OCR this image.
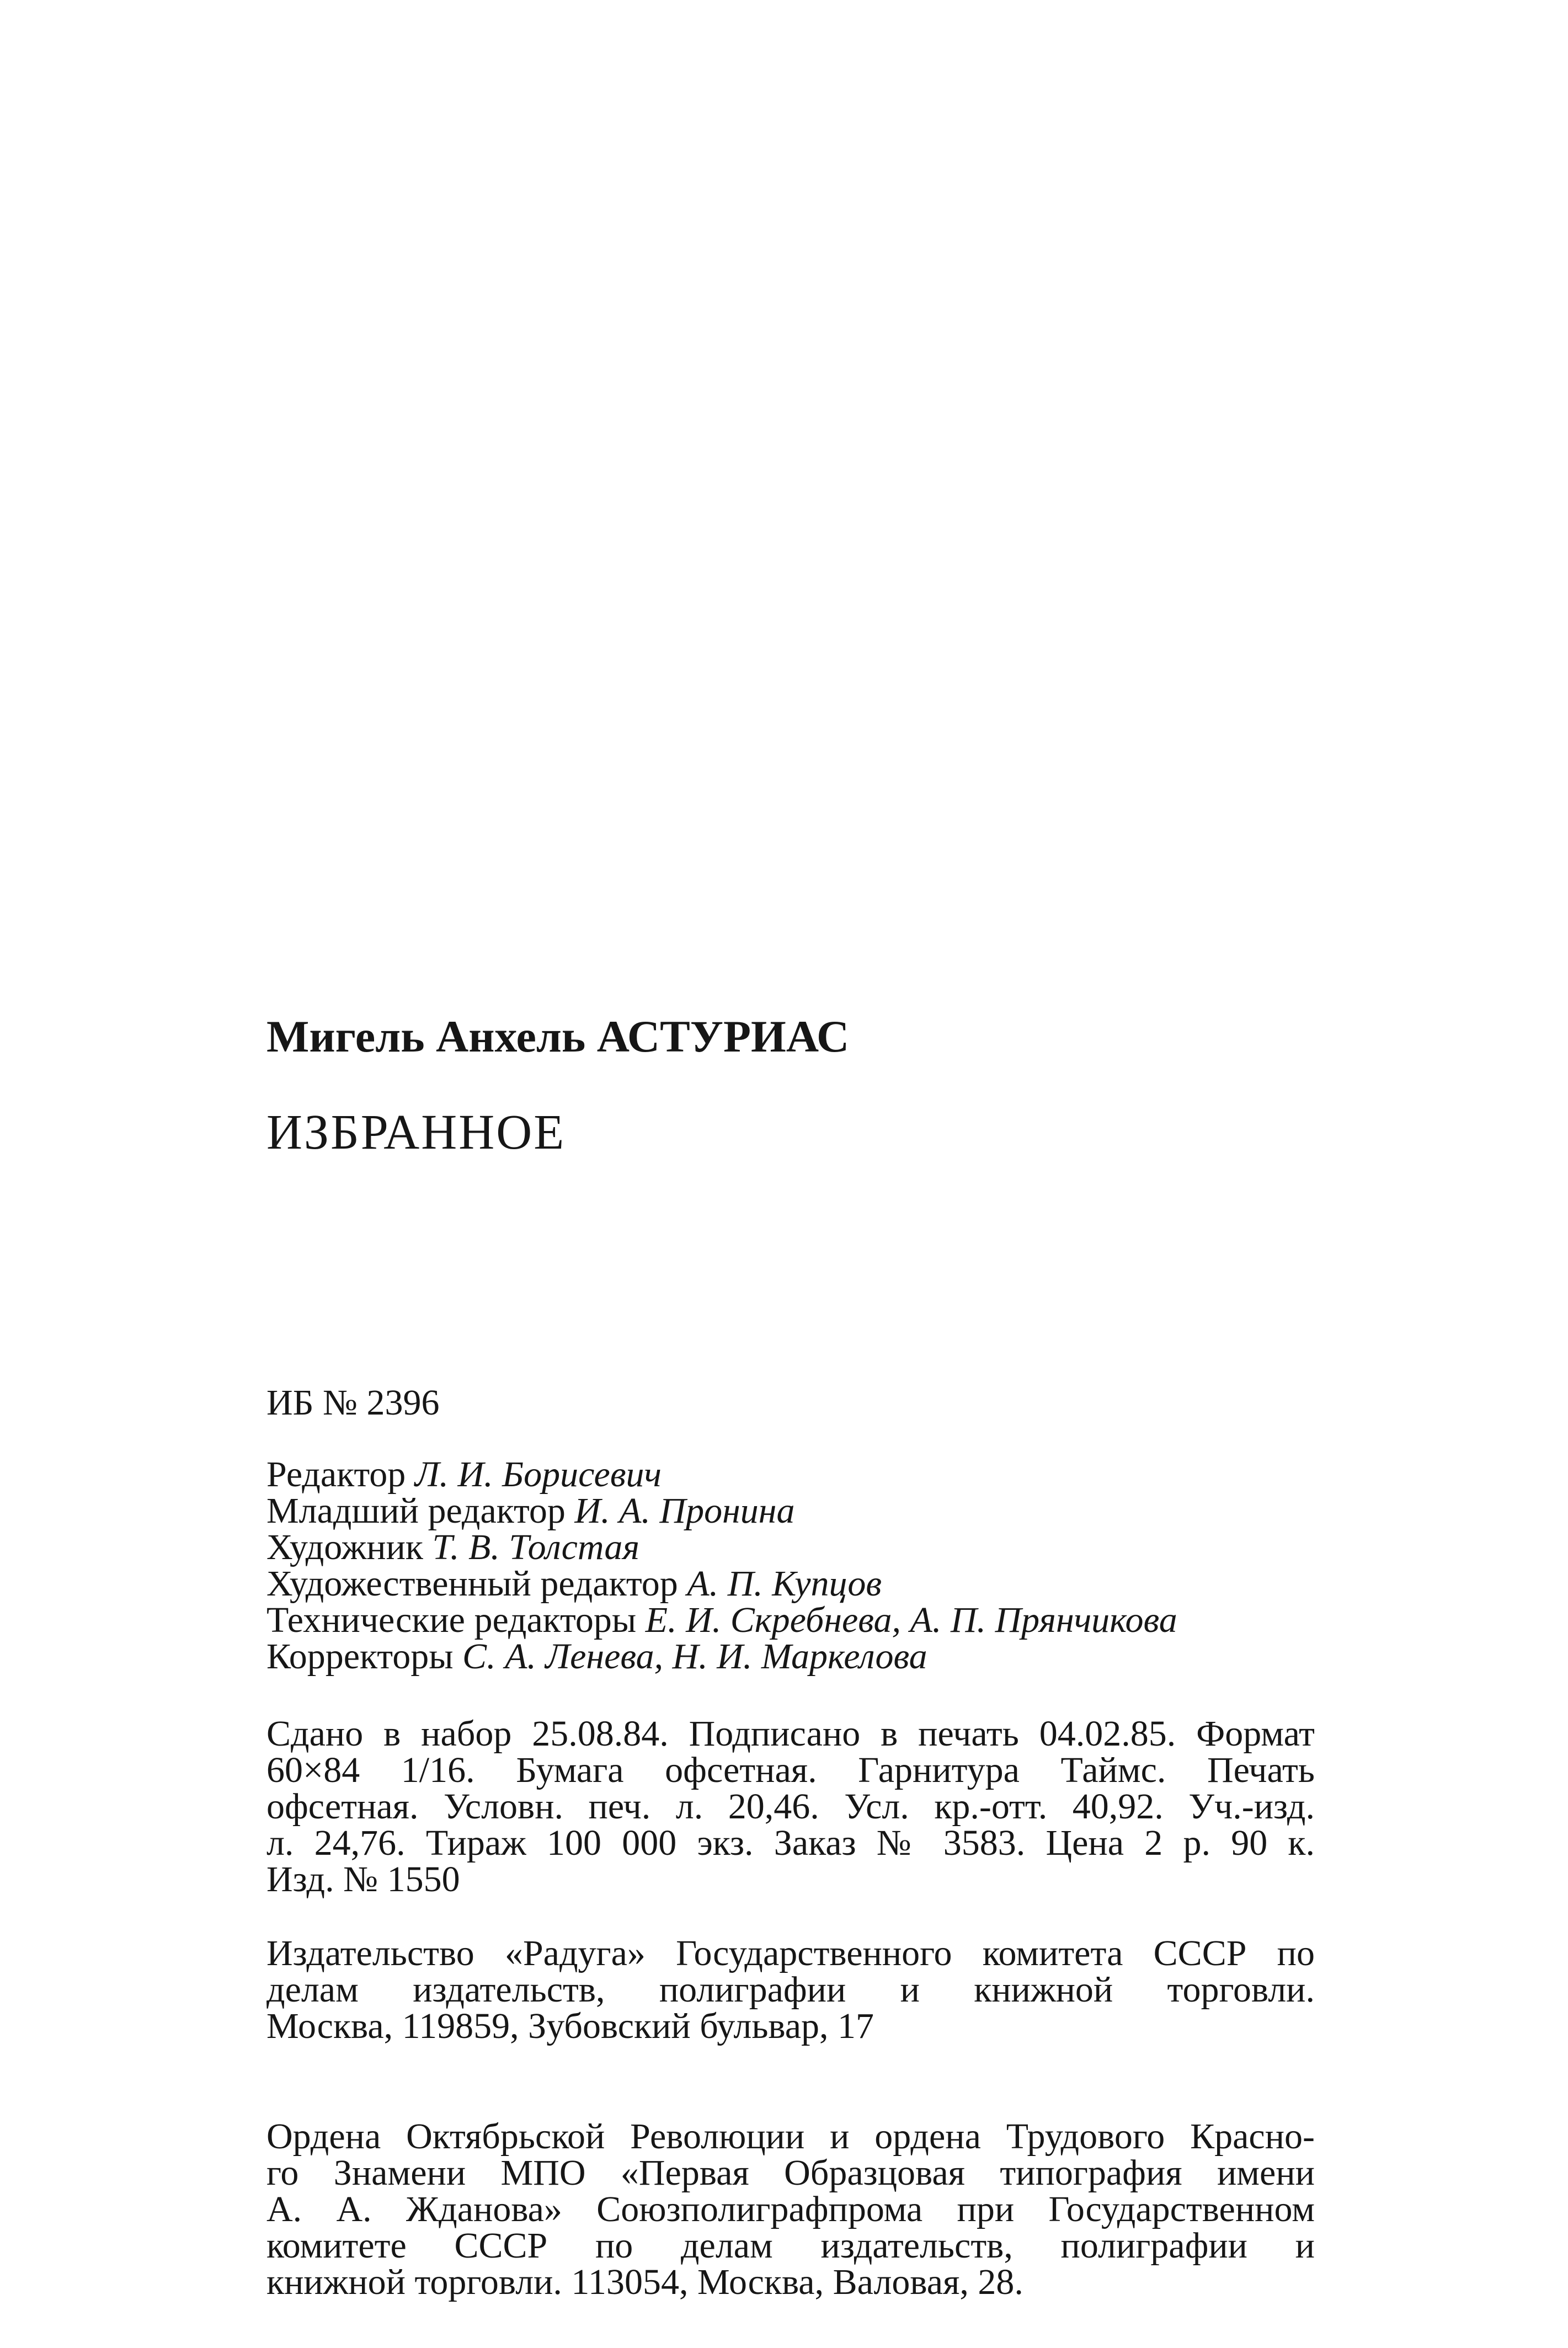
Мигель Анхель АСТУРИАС
ИЗБРАННОЕ
ИБ № 2396
Редактор Л. И. Борисевич
Младший редактор И. А. Пронина
Художник Т. В. Толстая
Художественный редактор А. П. Купцов
Технические редакторы Е. И. Скребнева, А. П. Прянчикова
Корректоры С. А. Ленева, Н. И. Маркелова
Сдано в набор 25.08.84. Подписано в печать 04.02.85. Формат
60×84 1/16. Бумага офсетная. Гарнитура Таймс. Печать
офсетная. Условн. печ. л. 20,46. Усл. кр.-отт. 40,92. Уч.-изд.
л. 24,76. Тираж 100 000 экз. Заказ № 3583. Цена 2 р. 90 к.
Изд. № 1550
Издательство «Радуга» Государственного комитета СССР по
делам издательств, полиграфии и книжной торговли.
Москва, 119859, Зубовский бульвар, 17
Ордена Октябрьской Революции и ордена Трудового Красно-
го Знамени МПО «Первая Образцовая типография имени
А. А. Жданова» Союзполиграфпрома при Государственном
комитете СССР по делам издательств, полиграфии и
книжной торговли. 113054, Москва, Валовая, 28.
